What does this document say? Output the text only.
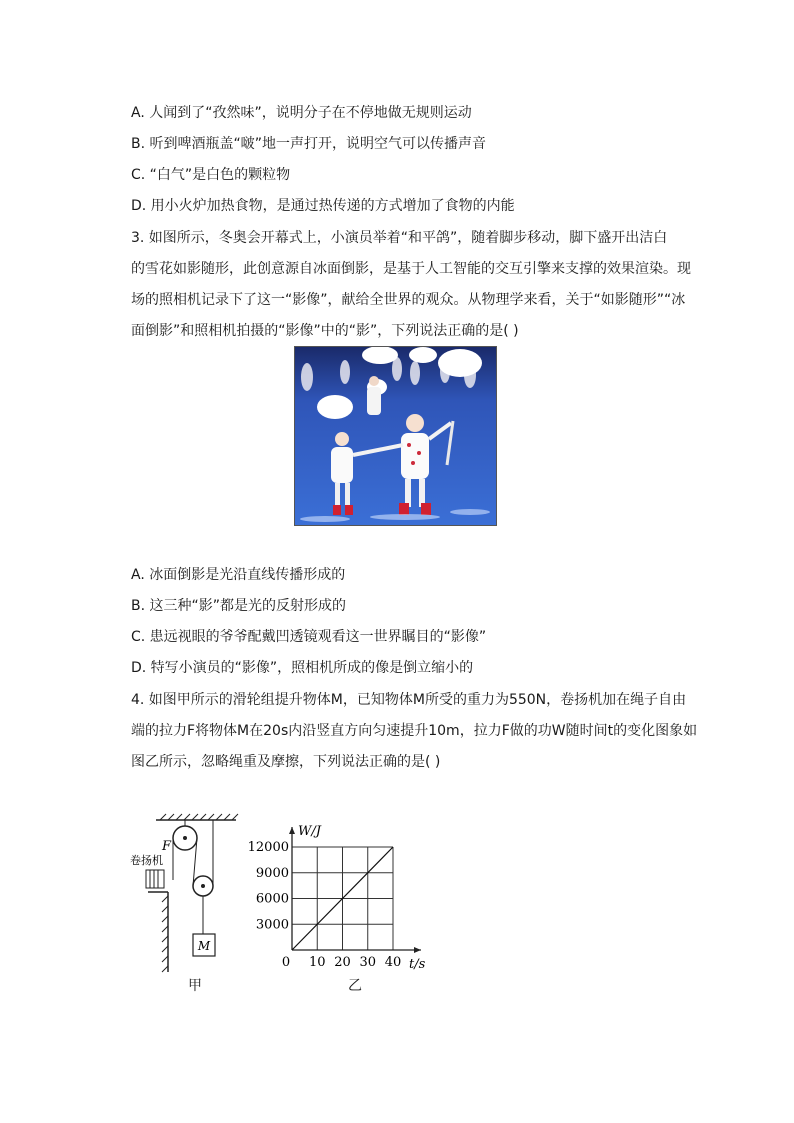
A. 人闻到了“孜然味”，说明分子在不停地做无规则运动
B. 听到啤酒瓶盖“啵”地一声打开，说明空气可以传播声音
C. “白气”是白色的颗粒物
D. 用小火炉加热食物，是通过热传递的方式增加了食物的内能
3. 如图所示，冬奥会开幕式上，小演员举着“和平鸽”，随着脚步移动，脚下盛开出洁白
的雪花如影随形，此创意源自冰面倒影，是基于人工智能的交互引擎来支撑的效果渲染。现
场的照相机记录下了这一“影像”，献给全世界的观众。从物理学来看，关于“如影随形”“冰
面倒影”和照相机拍摄的“影像”中的“影”，下列说法正确的是( )
A. 冰面倒影是光沿直线传播形成的
B. 这三种“影”都是光的反射形成的
C. 患远视眼的爷爷配戴凹透镜观看这一世界瞩目的“影像”
D. 特写小演员的“影像”，照相机所成的像是倒立缩小的
4. 如图甲所示的滑轮组提升物体M，已知物体M所受的重力为550N，卷扬机加在绳子自由
端的拉力F将物体M在20s内沿竖直方向匀速提升10m，拉力F做的功W随时间t的变化图象如
图乙所示，忽略绳重及摩擦，下列说法正确的是( )
M
F
卷扬机
甲
0 10 20 30 40
3000
6000
9000
12000
W/J
t/s
乙
